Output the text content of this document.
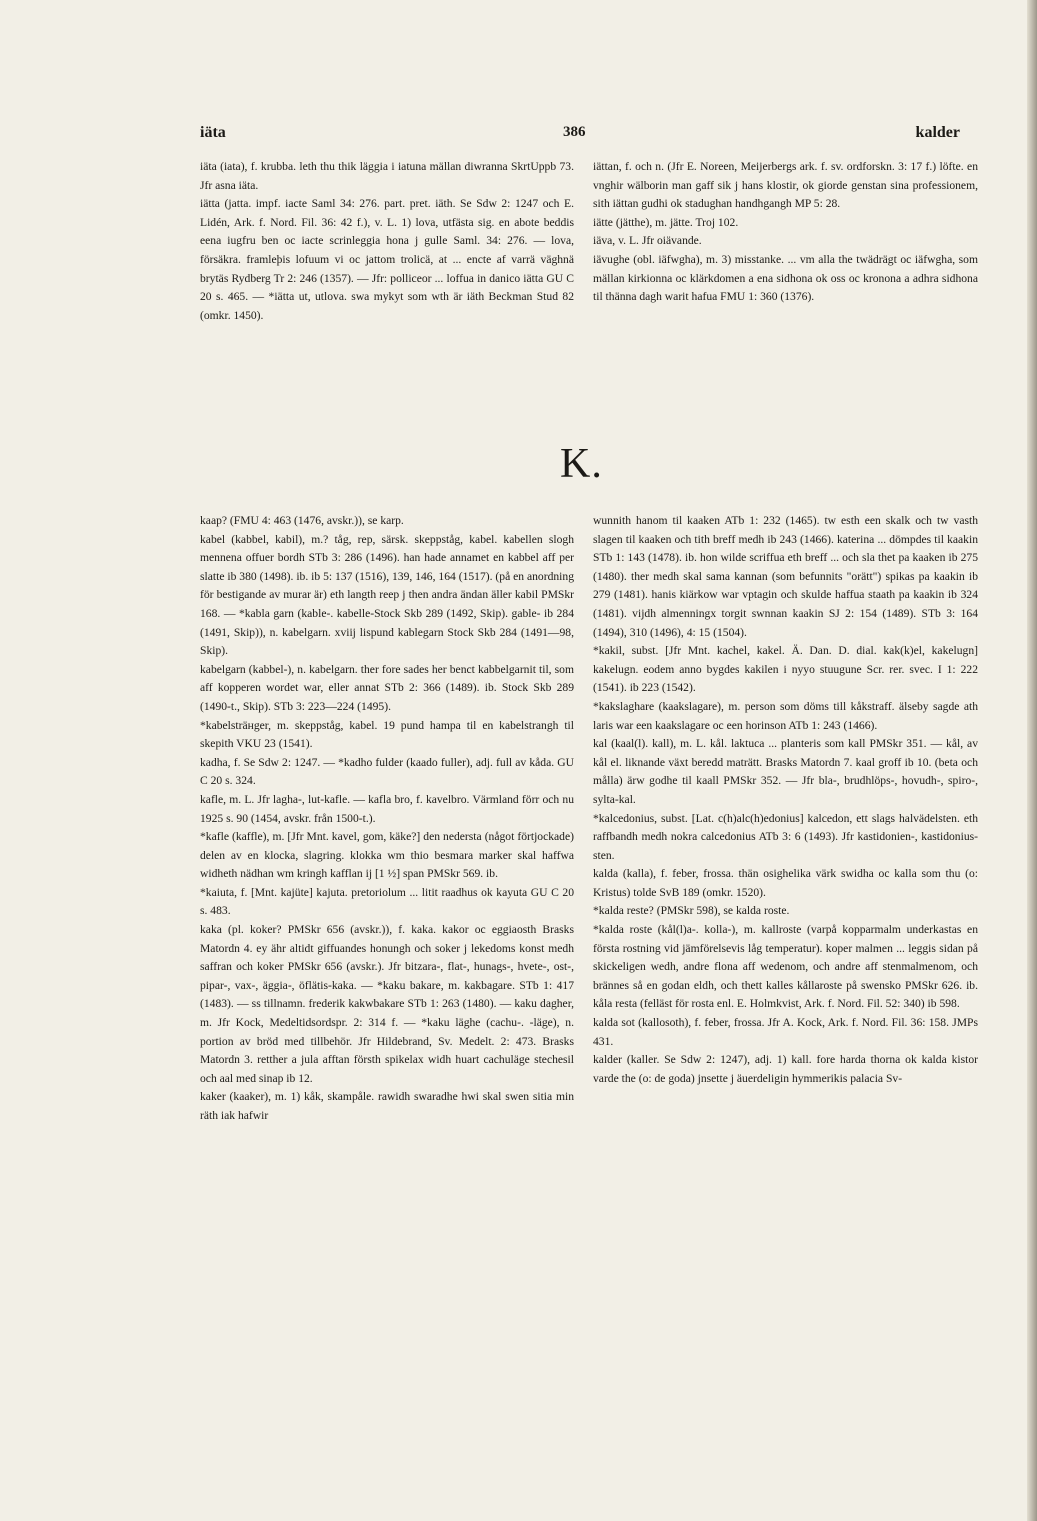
iäta	386	kalder

iäta (iata), f. krubba. leth thu thik läggia i iatuna mällan diwranna SkrtUppb 73. Jfr asna iäta.

iätta (jatta. impf. iacte Saml 34: 276. part. pret. iäth. Se Sdw 2: 1247 och E. Lidén, Ark. f. Nord. Fil. 36: 42 f.), v. L. 1) lova, utfästa sig. en abote beddis eenа iugfru ben oc iacte scrinleggia hona j gulle Saml. 34: 276. — lova, försäkra. framleþis lofuum vi oc jattom trolicä, at ... encte af varrä väghnä brytäs Rydberg Tr 2: 246 (1357). — Jfr: polliceor ... loffua in danico iätta GU C 20 s. 465. — *iätta ut, utlova. swa mykyt som wth är iäth Beckman Stud 82 (omkr. 1450).

iättan, f. och n. (Jfr E. Noreen, Meijerbergs ark. f. sv. ordforskn. 3: 17 f.) löfte. en vnghir wälborin man gaff sik j hans klostir, ok giorde genstan sina professionem, sith iättan gudhi ok stadughan handhgangh MP 5: 28.

iätte (jätthe), m. jätte. Troj 102.

iäva, v. L. Jfr oiävande.

iävughe (obl. iäfwgha), m. 3) misstanke. ... vm alla the twädrägt oc iäfwgha, som mällan kirkionna oc klärkdomen a ena sidhona ok oss oc kronona a adhra sidhona til thänna dagh warit hafua FMU 1: 360 (1376).

K.

kaap? (FMU 4: 463 (1476, avskr.)), se karp.

kabel (kabbel, kabil), m.? tåg, rep, särsk. skeppståg, kabel. kabellen slogh mennena offuer bordh STb 3: 286 (1496). han hade annamet en kabbel aff per slatte ib 380 (1498). ib. ib 5: 137 (1516), 139, 146, 164 (1517). (på en anordning för bestigande av murar är) eth langth reep j then andra ändan äller kabil PMSkr 168. — *kabla garn (kable-. kabelle-Stock Skb 289 (1492, Skip). gable- ib 284 (1491, Skip)), n. kabelgarn. xviij lispund kablegarn Stock Skb 284 (1491—98, Skip).

kabelgarn (kabbel-), n. kabelgarn. ther fore sades her benct kabbelgarnit til, som aff kopperen wordet war, eller annat STb 2: 366 (1489). ib. Stock Skb 289 (1490-t., Skip). STb 3: 223—224 (1495).

*kabelsträнger, m. skeppståg, kabel. 19 pund hampa til en kabelstrangh til skepith VKU 23 (1541).

kadha, f. Se Sdw 2: 1247. — *kadho fulder (kaado fuller), adj. full av kåda. GU C 20 s. 324.

kafle, m. L. Jfr lagha-, lut-kafle. — kafla bro, f. kavelbro. Värmland förr och nu 1925 s. 90 (1454, avskr. från 1500-t.).

*kafle (kaffle), m. [Jfr Mnt. kavel, gom, käke?] den nedersta (något förtjockade) delen av en klocka, slagring. klokka wm thio besmara marker skal haffwa widheth nädhan wm kringh kafflan ij [1 ½] span PMSkr 569. ib.

*kaiuta, f. [Mnt. kajüte] kajuta. pretoriolum ... litit raadhus ok kayuta GU C 20 s. 483.

kaka (pl. koker? PMSkr 656 (avskr.)), f. kaka. kakor oc eggiaosth Brasks Matordn 4. ey ähr altidt giffuandes honungh och soker j lekedoms konst medh saffran och koker PMSkr 656 (avskr.). Jfr bitzara-, flat-, hunags-, hvete-, ost-, pipar-, vax-, äggia-, öflätis-kaka. — *kaku bakare, m. kakbagare. STb 1: 417 (1483). — ss tillnamn. frederik kakwbakare STb 1: 263 (1480). — kaku dagher, m. Jfr Kock, Medeltidsordspr. 2: 314 f. — *kaku läghe (cachu-. -läge), n. portion av bröd med tillbehör. Jfr Hildebrand, Sv. Medelt. 2: 473. Brasks Matordn 3. retther a jula afftan försth spikelax widh huart cachuläge stechesil och aal med sinap ib 12.

kaker (kaaker), m. 1) kåk, skampåle. rawidh swaradhe hwi skal swen sitia min räth iak hafwir

wunnith hanom til kaaken ATb 1: 232 (1465). tw esth een skalk och tw vasth slagen til kaaken och tith breff medh ib 243 (1466). katerina ... dömpdes til kaakin STb 1: 143 (1478). ib. hon wilde scriffua eth breff ... och sla thet pa kaaken ib 275 (1480). ther medh skal sama kannan (som befunnits "orätt") spikas pa kaakin ib 279 (1481). hanis kiärkow war vptagin och skulde haffua staath pa kaakin ib 324 (1481). vijdh almenningx torgit swnnan kaakin SJ 2: 154 (1489). STb 3: 164 (1494), 310 (1496), 4: 15 (1504).

*kakil, subst. [Jfr Mnt. kachel, kakel. Ä. Dan. D. dial. kak(k)el, kakelugn] kakelugn. eodem anno bygdes kakilen i nyyo stuugune Scr. rer. svec. I 1: 222 (1541). ib 223 (1542).

*kakslaghare (kaakslagare), m. person som döms till kåkstraff. älseby sagde ath laris war een kaakslagare oc een horinson ATb 1: 243 (1466).

kal (kaal(l). kall), m. L. kål. laktuca ... planteris som kall PMSkr 351. — kål, av kål el. liknande växt beredd maträtt. Brasks Matordn 7. kaal groff ib 10. (beta och målla) ärw godhe til kaall PMSkr 352. — Jfr bla-, brudhlöps-, hovudh-, spiro-, sylta-kal.

*kalcedonius, subst. [Lat. c(h)alc(h)edonius] kalcedon, ett slags halvädelsten. eth raffbandh medh nokra calcedonius ATb 3: 6 (1493). Jfr kastidonien-, kastidonius-sten.

kalda (kalla), f. feber, frossa. thän osighelika värk swidha oc kalla som thu (o: Kristus) tolde SvB 189 (omkr. 1520).

*kalda reste? (PMSkr 598), se kalda roste.

*kalda roste (kål(l)a-. kolla-), m. kallroste (varpå kopparmalm underkastas en första rostning vid jämförelsevis låg temperatur). koper malmen ... leggis sidan på skickeligen wedh, andre flona aff wedenom, och andre aff stenmalmenom, och brännes så en godan eldh, och thett kalles kållaroste på swensko PMSkr 626. ib. kåla resta (felläst för rosta enl. E. Holmkvist, Ark. f. Nord. Fil. 52: 340) ib 598.

kalda sot (kallosoth), f. feber, frossa. Jfr A. Kock, Ark. f. Nord. Fil. 36: 158. JMPs 431.

kalder (kaller. Se Sdw 2: 1247), adj. 1) kall. fore harda thorna ok kalda kistor varde the (o: de goda) jnsette j äuerdeligin hymmerikis palacia Sv-
